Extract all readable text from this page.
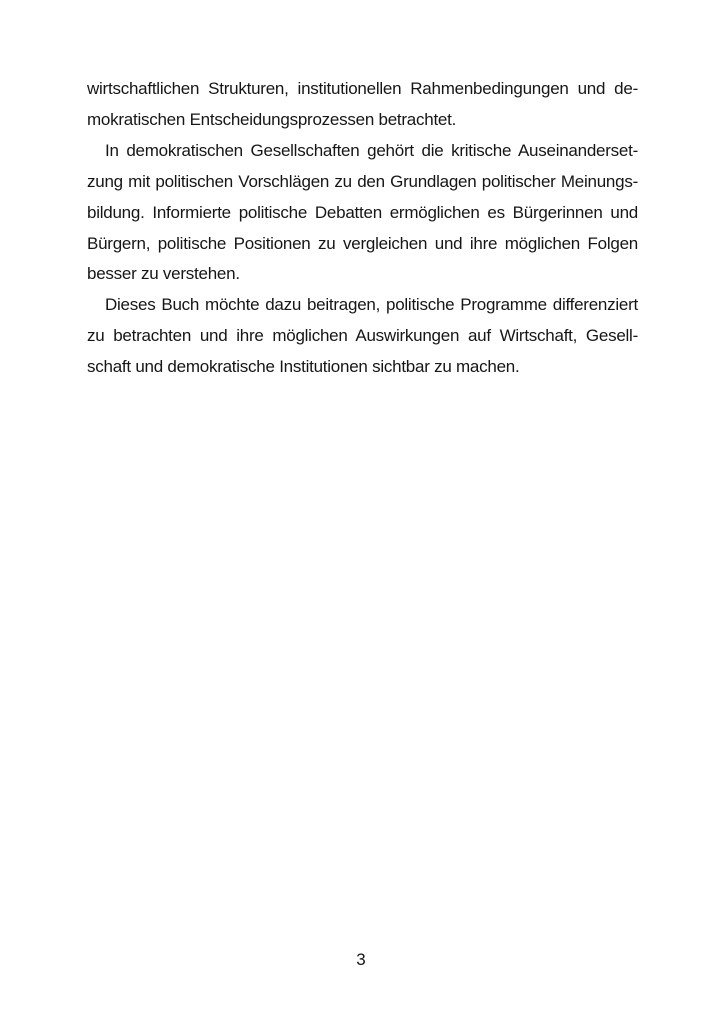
wirtschaftlichen Strukturen, institutionellen Rahmenbedingungen und de-
mokratischen Entscheidungsprozessen betrachtet.
In demokratischen Gesellschaften gehört die kritische Auseinanderset-
zung mit politischen Vorschlägen zu den Grundlagen politischer Meinungs-
bildung. Informierte politische Debatten ermöglichen es Bürgerinnen und
Bürgern, politische Positionen zu vergleichen und ihre möglichen Folgen
besser zu verstehen.
Dieses Buch möchte dazu beitragen, politische Programme differenziert
zu betrachten und ihre möglichen Auswirkungen auf Wirtschaft, Gesell-
schaft und demokratische Institutionen sichtbar zu machen.
3
